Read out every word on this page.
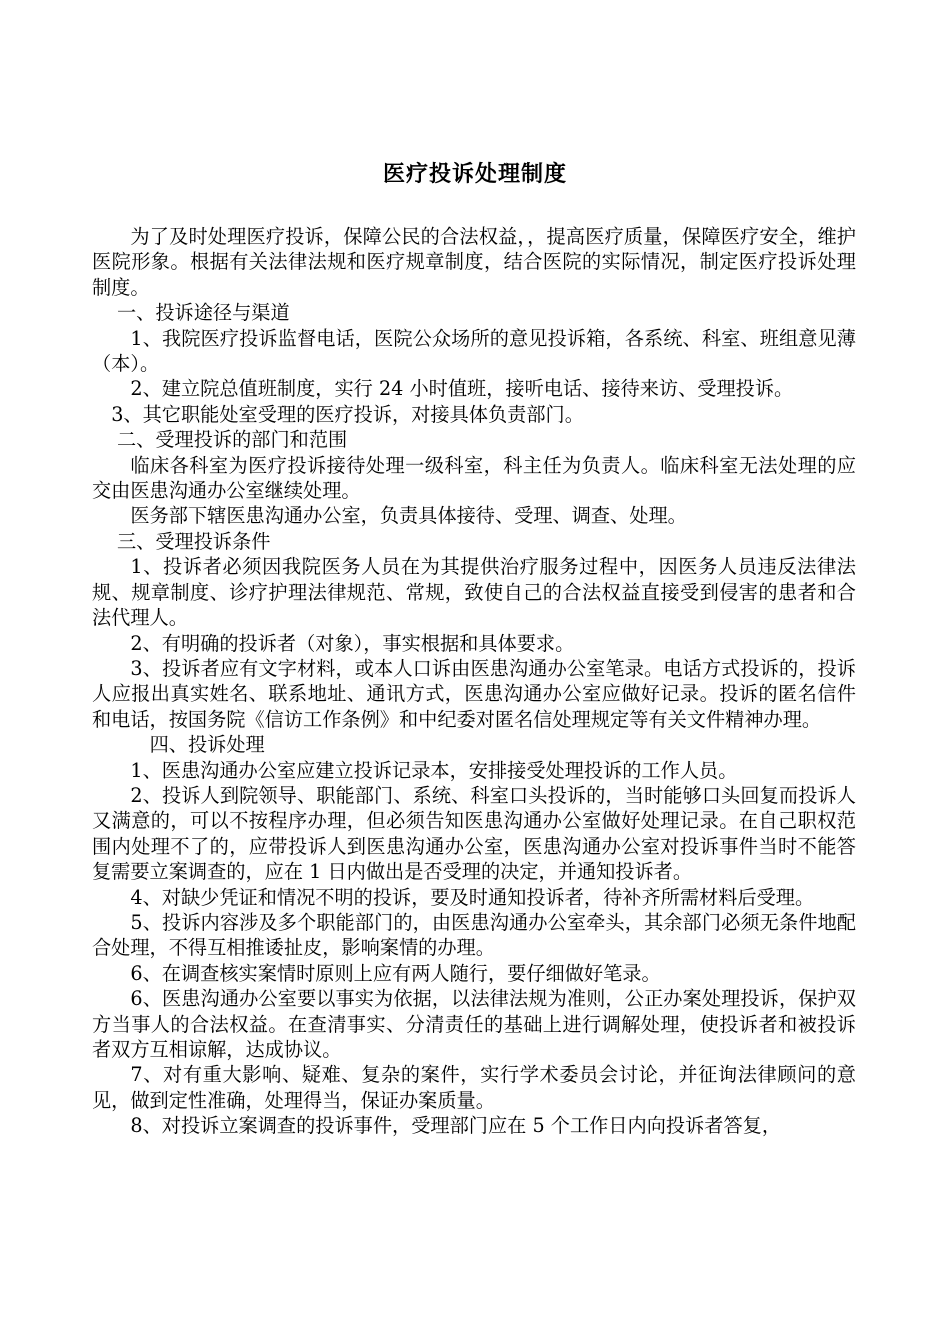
医疗投诉处理制度

为了及时处理医疗投诉，保障公民的合法权益，，提高医疗质量，保障医疗安全，维护医院形象。根据有关法律法规和医疗规章制度，结合医院的实际情况，制定医疗投诉处理制度。

一、投诉途径与渠道

1、我院医疗投诉监督电话，医院公众场所的意见投诉箱，各系统、科室、班组意见薄（本）。

2、建立院总值班制度，实行 24 小时值班，接听电话、接待来访、受理投诉。

3、其它职能处室受理的医疗投诉，对接具体负责部门。

二、受理投诉的部门和范围

临床各科室为医疗投诉接待处理一级科室，科主任为负责人。临床科室无法处理的应交由医患沟通办公室继续处理。

医务部下辖医患沟通办公室，负责具体接待、受理、调查、处理。

三、受理投诉条件

1、投诉者必须因我院医务人员在为其提供治疗服务过程中，因医务人员违反法律法规、规章制度、诊疗护理法律规范、常规，致使自己的合法权益直接受到侵害的患者和合法代理人。

2、有明确的投诉者（对象），事实根据和具体要求。

3、投诉者应有文字材料，或本人口诉由医患沟通办公室笔录。电话方式投诉的，投诉人应报出真实姓名、联系地址、通讯方式，医患沟通办公室应做好记录。投诉的匿名信件和电话，按国务院《信访工作条例》和中纪委对匿名信处理规定等有关文件精神办理。

四、投诉处理

1、医患沟通办公室应建立投诉记录本，安排接受处理投诉的工作人员。

2、投诉人到院领导、职能部门、系统、科室口头投诉的，当时能够口头回复而投诉人又满意的，可以不按程序办理，但必须告知医患沟通办公室做好处理记录。在自己职权范围内处理不了的，应带投诉人到医患沟通办公室，医患沟通办公室对投诉事件当时不能答复需要立案调查的，应在 1 日内做出是否受理的决定，并通知投诉者。

4、对缺少凭证和情况不明的投诉，要及时通知投诉者，待补齐所需材料后受理。

5、投诉内容涉及多个职能部门的，由医患沟通办公室牵头，其余部门必须无条件地配合处理，不得互相推诿扯皮，影响案情的办理。

6、在调查核实案情时原则上应有两人随行，要仔细做好笔录。

6、医患沟通办公室要以事实为依据，以法律法规为准则，公正办案处理投诉，保护双方当事人的合法权益。在查清事实、分清责任的基础上进行调解处理，使投诉者和被投诉者双方互相谅解，达成协议。

7、对有重大影响、疑难、复杂的案件，实行学术委员会讨论，并征询法律顾问的意见，做到定性准确，处理得当，保证办案质量。

8、对投诉立案调查的投诉事件，受理部门应在 5 个工作日内向投诉者答复，
